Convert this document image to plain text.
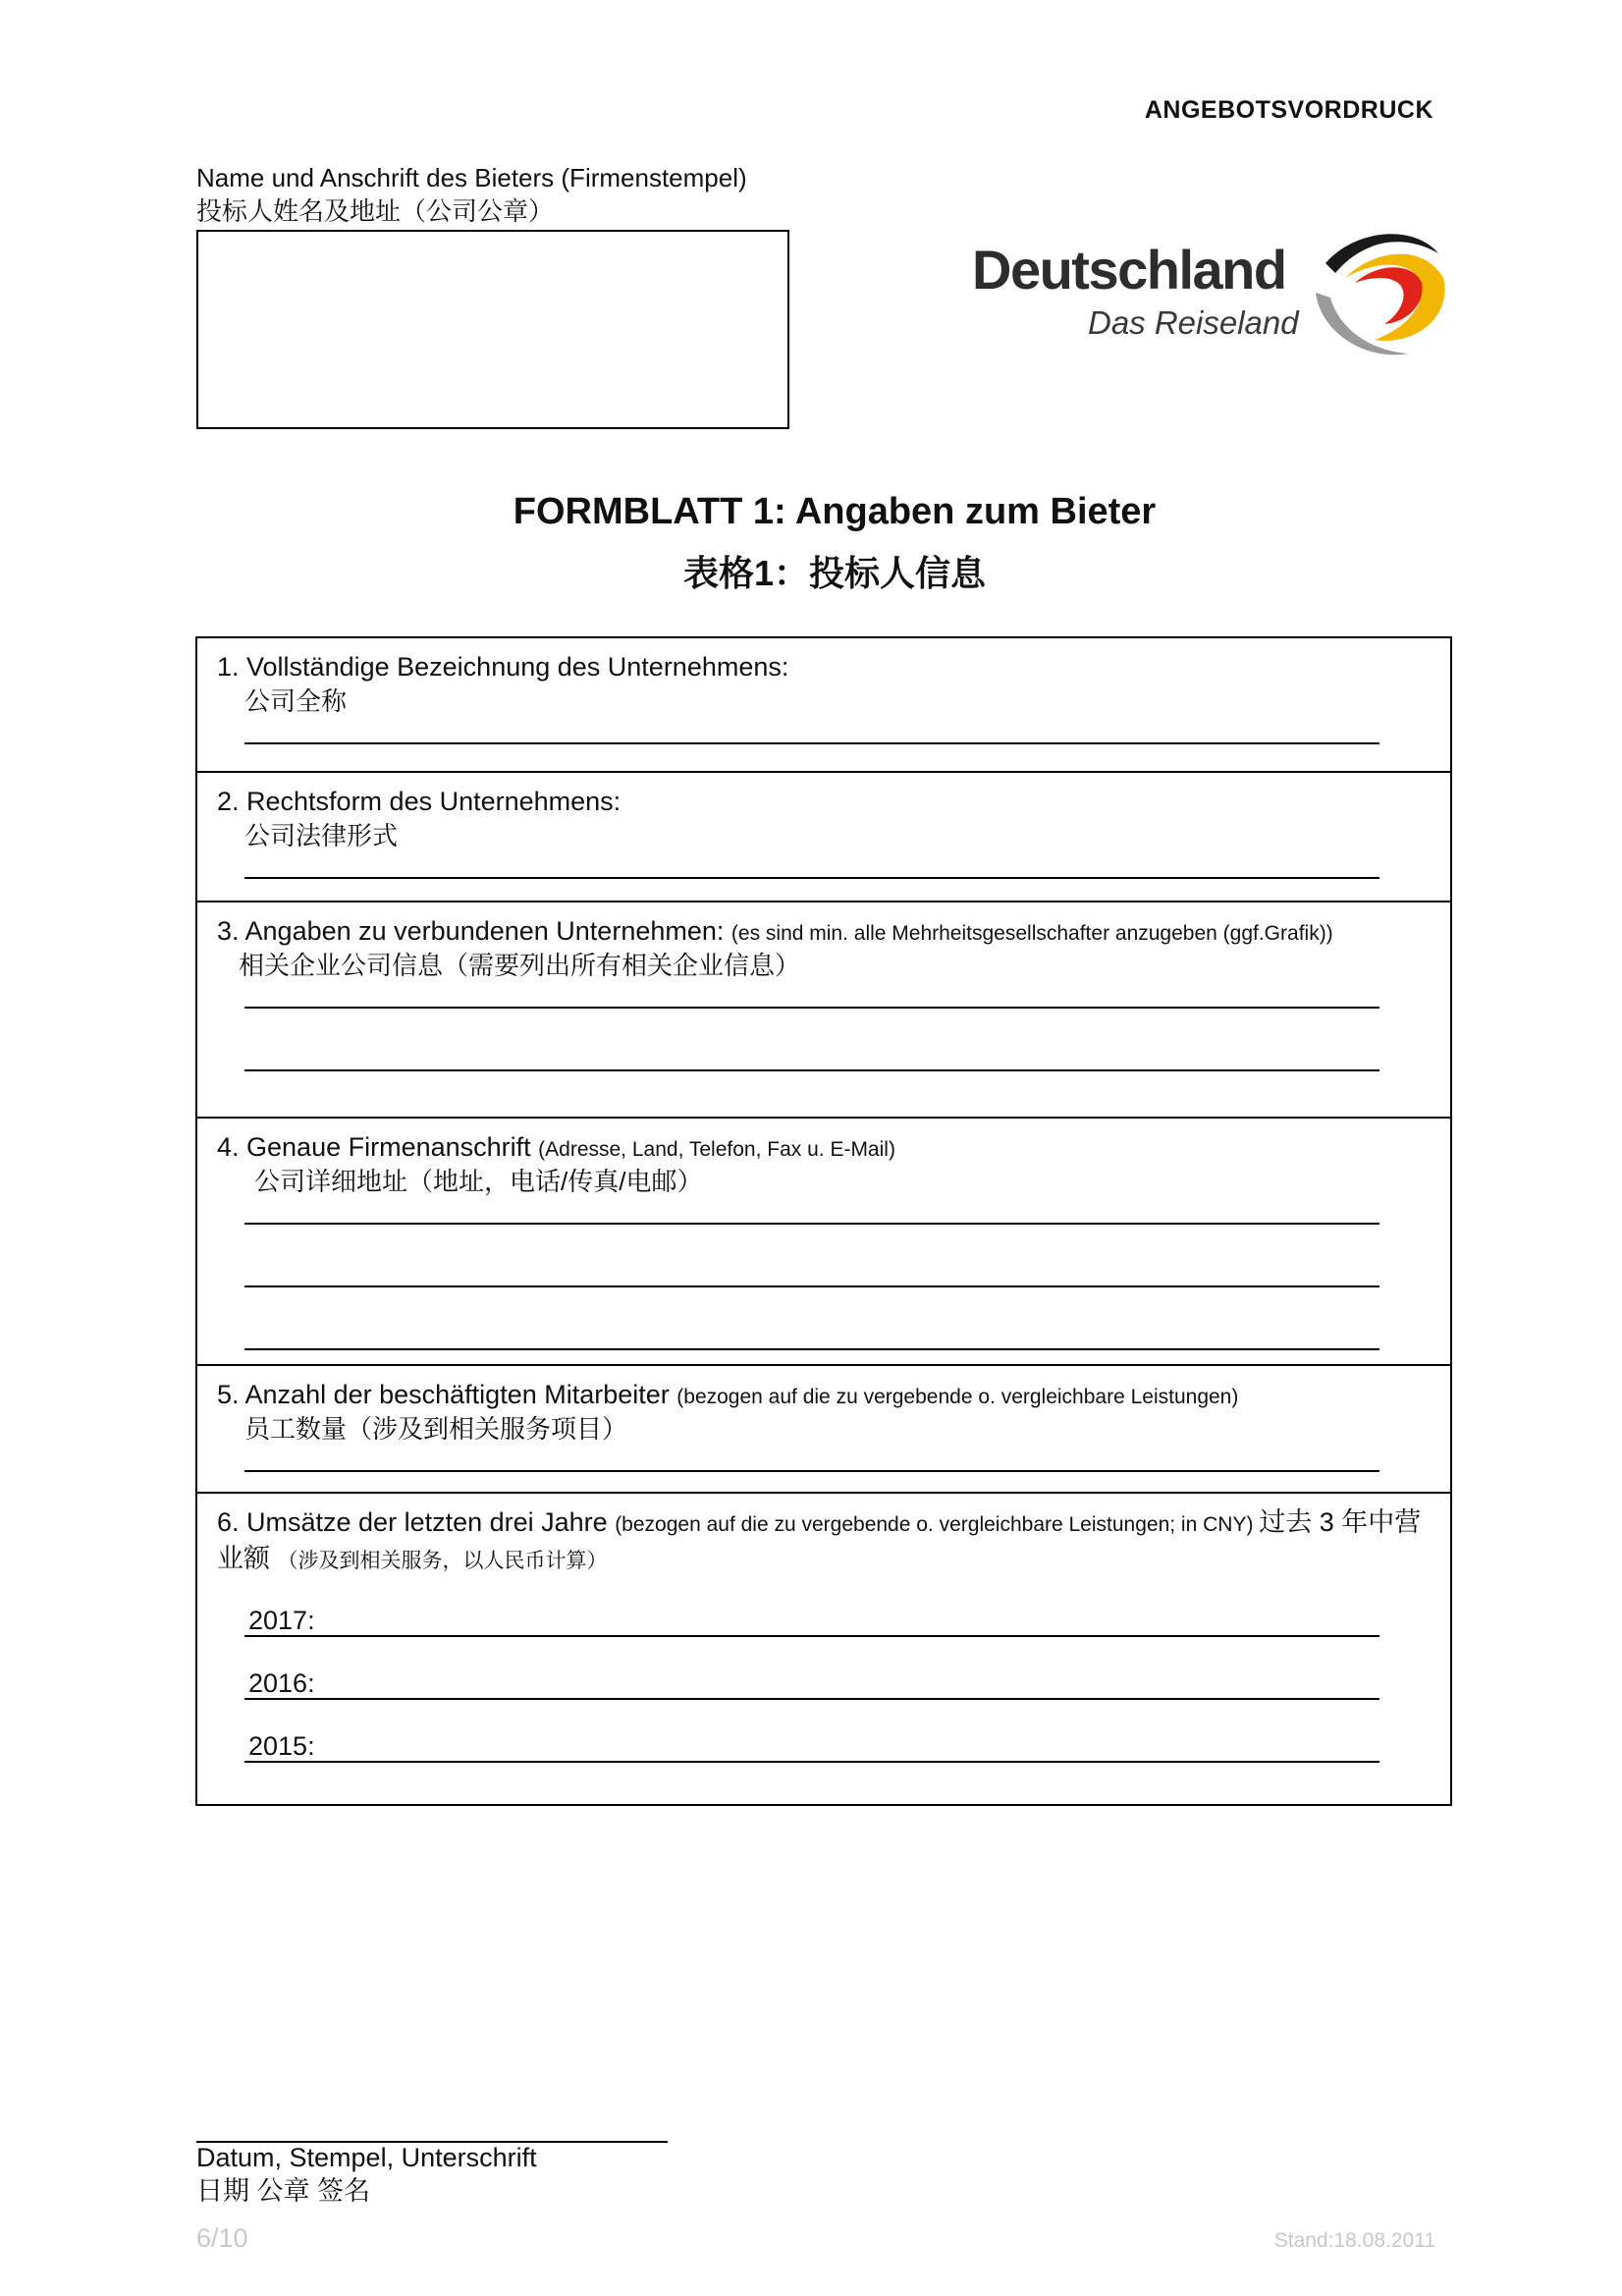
ANGEBOTSVORDRUCK
Name und Anschrift des Bieters (Firmenstempel)
投标人姓名及地址（公司公章）
Deutschland
Das Reiseland
FORMBLATT 1: Angaben zum Bieter
表格1：投标人信息
1. Vollständige Bezeichnung des Unternehmens:
公司全称
2. Rechtsform des Unternehmens:
公司法律形式
3. Angaben zu verbundenen Unternehmen: (es sind min. alle Mehrheitsgesellschafter anzugeben (ggf.Grafik))
相关企业公司信息（需要列出所有相关企业信息）
4. Genaue Firmenanschrift (Adresse, Land, Telefon, Fax u. E-Mail)
公司详细地址（地址，电话/传真/电邮）
5. Anzahl der beschäftigten Mitarbeiter (bezogen auf die zu vergebende o. vergleichbare Leistungen)
员工数量（涉及到相关服务项目）
6. Umsätze der letzten drei Jahre (bezogen auf die zu vergebende o. vergleichbare Leistungen; in CNY) 过去 3 年中营业额 （涉及到相关服务，以人民币计算）
2017:
2016:
2015:
Datum, Stempel, Unterschrift
日期 公章 签名
6/10	Stand:18.08.2011
